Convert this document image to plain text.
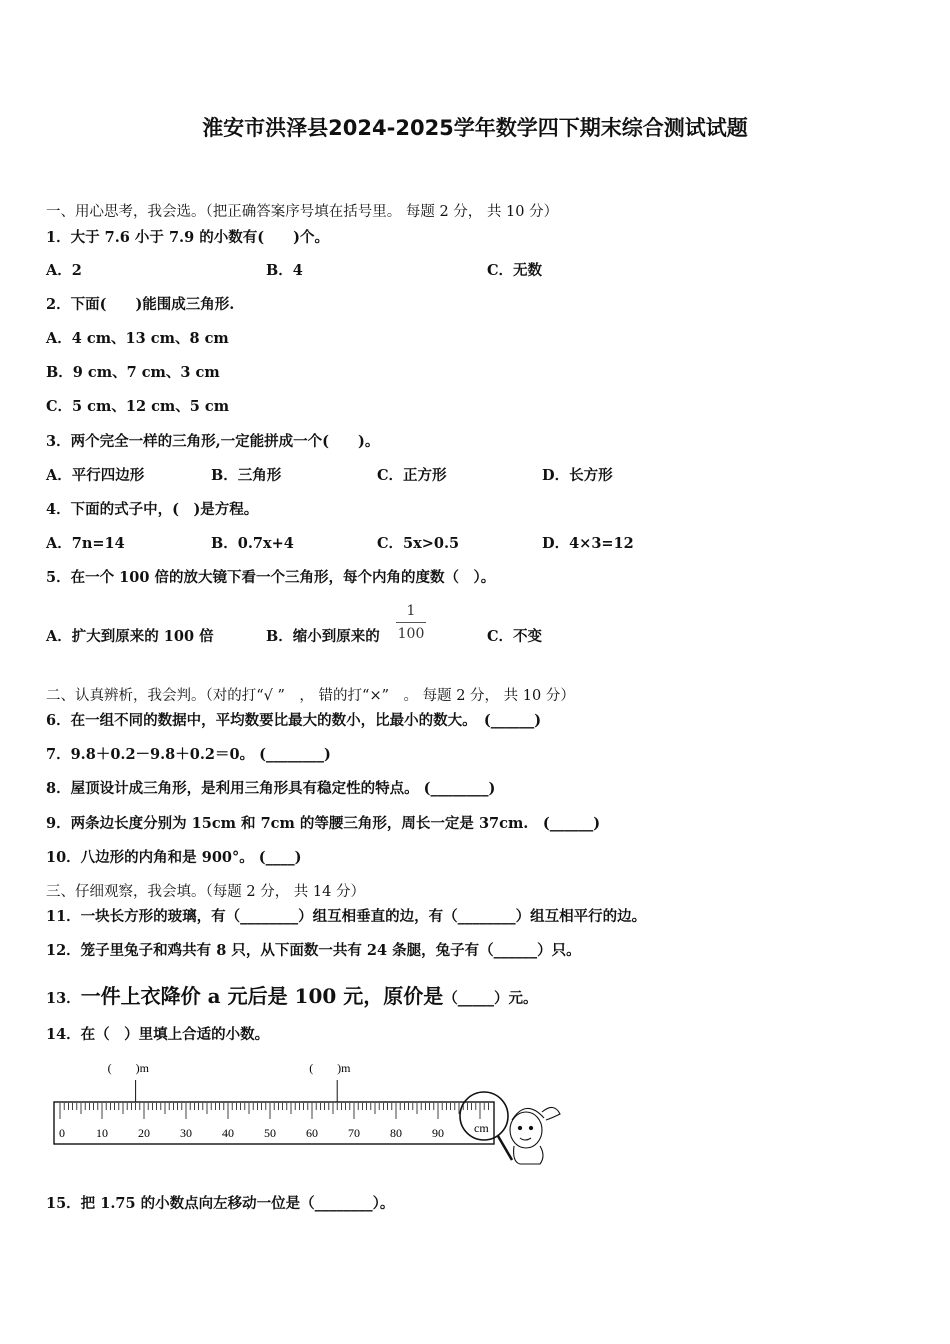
淮安市洪泽县2024-2025学年数学四下期末综合测试试题
一、用心思考，我会选。（把正确答案序号填在括号里。 每题 2 分， 共 10 分）
1．大于 7.6 小于 7.9 的小数有(　　)个。
A．2	B．4	C．无数
2．下面(　　)能围成三角形.
A．4 cm、13 cm、8 cm
B．9 cm、7 cm、3 cm
C．5 cm、12 cm、5 cm
3．两个完全一样的三角形,一定能拼成一个(　　)。
A．平行四边形	B．三角形	C．正方形	D．长方形
4．下面的式子中，(　)是方程。
A．7n=14	B．0.7x+4	C．5x>0.5	D．4×3=12
5．在一个 100 倍的放大镜下看一个三角形，每个内角的度数（　）。
A．扩大到原来的 100 倍	B．缩小到原来的
1
100	C．不变
二、认真辨析，我会判。（对的打“√ ”　， 错的打“×”　。 每题 2 分， 共 10 分）
6．在一组不同的数据中，平均数要比最大的数小，比最小的数大。　(______)
7．9.8＋0.2－9.8＋0.2＝0。 (________)
8．屋顶设计成三角形，是利用三角形具有稳定性的特点。 (________)
9．两条边长度分别为 15cm 和 7cm 的等腰三角形，周长一定是 37cm.　(______)
10．八边形的内角和是 900°。 (____)
三、仔细观察，我会填。（每题 2 分， 共 14 分）
11．一块长方形的玻璃，有（________）组互相垂直的边，有（________）组互相平行的边。
12．笼子里兔子和鸡共有 8 只，从下面数一共有 24 条腿，兔子有（______）只。
13．一件上衣降价 a 元后是 100 元，原价是（_____）元。
14．在（　）里填上合适的小数。
(　　)m	(　　)m
0	10	20	30	40	50	60	70	80	90	cm
15．把 1.75 的小数点向左移动一位是（________）。
